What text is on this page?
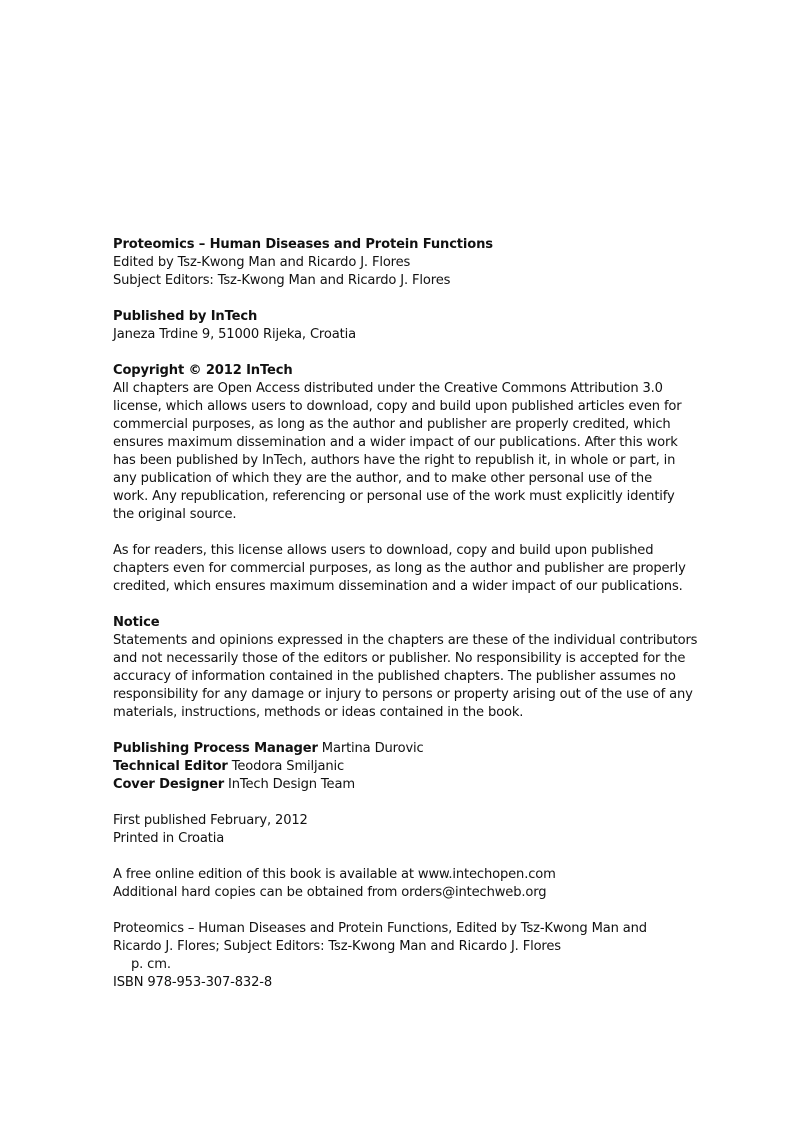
Proteomics – Human Diseases and Protein Functions
Edited by Tsz-Kwong Man and Ricardo J. Flores
Subject Editors: Tsz-Kwong Man and Ricardo J. Flores
Published by InTech
Janeza Trdine 9, 51000 Rijeka, Croatia
Copyright © 2012 InTech
All chapters are Open Access distributed under the Creative Commons Attribution 3.0
license, which allows users to download, copy and build upon published articles even for
commercial purposes, as long as the author and publisher are properly credited, which
ensures maximum dissemination and a wider impact of our publications. After this work
has been published by InTech, authors have the right to republish it, in whole or part, in
any publication of which they are the author, and to make other personal use of the
work. Any republication, referencing or personal use of the work must explicitly identify
the original source.
As for readers, this license allows users to download, copy and build upon published
chapters even for commercial purposes, as long as the author and publisher are properly
credited, which ensures maximum dissemination and a wider impact of our publications.
Notice
Statements and opinions expressed in the chapters are these of the individual contributors
and not necessarily those of the editors or publisher. No responsibility is accepted for the
accuracy of information contained in the published chapters. The publisher assumes no
responsibility for any damage or injury to persons or property arising out of the use of any
materials, instructions, methods or ideas contained in the book.
Publishing Process Manager Martina Durovic
Technical Editor Teodora Smiljanic
Cover Designer InTech Design Team
First published February, 2012
Printed in Croatia
A free online edition of this book is available at www.intechopen.com
Additional hard copies can be obtained from orders@intechweb.org
Proteomics – Human Diseases and Protein Functions, Edited by Tsz-Kwong Man and
Ricardo J. Flores; Subject Editors: Tsz-Kwong Man and Ricardo J. Flores
p. cm.
ISBN 978-953-307-832-8
